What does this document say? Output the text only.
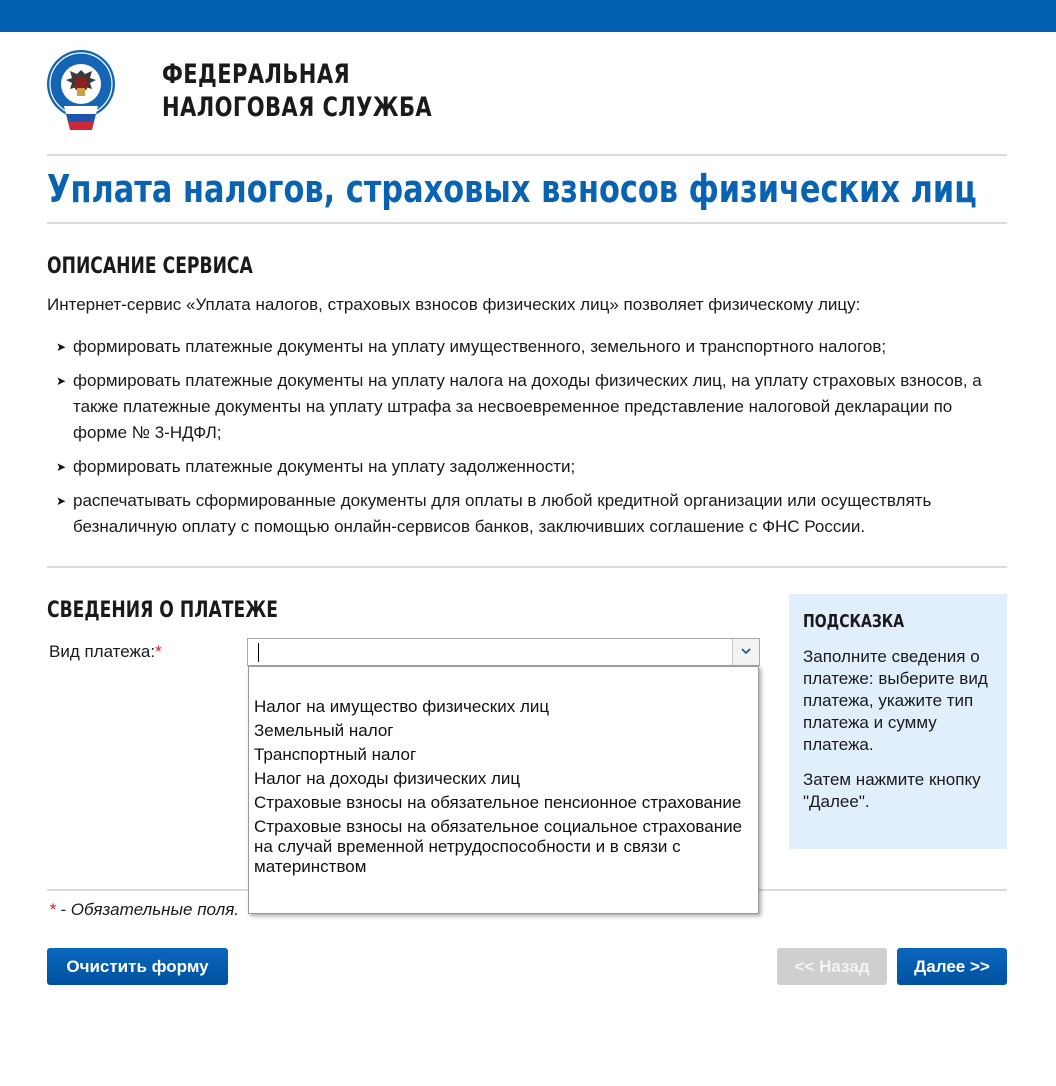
ФЕДЕРАЛЬНАЯ
НАЛОГОВАЯ СЛУЖБА
Уплата налогов, страховых взносов физических лиц
ОПИСАНИЕ СЕРВИСА
Интернет-сервис «Уплата налогов, страховых взносов физических лиц» позволяет физическому лицу:
➤ формировать платежные документы на уплату имущественного, земельного и транспортного налогов;
➤ формировать платежные документы на уплату налога на доходы физических лиц, на уплату страховых взносов, а также платежные документы на уплату штрафа за несвоевременное представление налоговой декларации по форме № 3-НДФЛ;
➤ формировать платежные документы на уплату задолженности;
➤ распечатывать сформированные документы для оплаты в любой кредитной организации или осуществлять безналичную оплату с помощью онлайн-сервисов банков, заключивших соглашение с ФНС России.
СВЕДЕНИЯ О ПЛАТЕЖЕ
Вид платежа:*
ПОДСКАЗКА

Заполните сведения о платеже: выберите вид платежа, укажите тип платежа и сумму платежа.

Затем нажмите кнопку "Далее".

* - Обязательные поля.
Налог на имущество физических лиц
Земельный налог
Транспортный налог
Налог на доходы физических лиц
Страховые взносы на обязательное пенсионное страхование
Страховые взносы на обязательное социальное страхование на случай временной нетрудоспособности и в связи с материнством
Очистить форму	<< Назад	Далее >>
